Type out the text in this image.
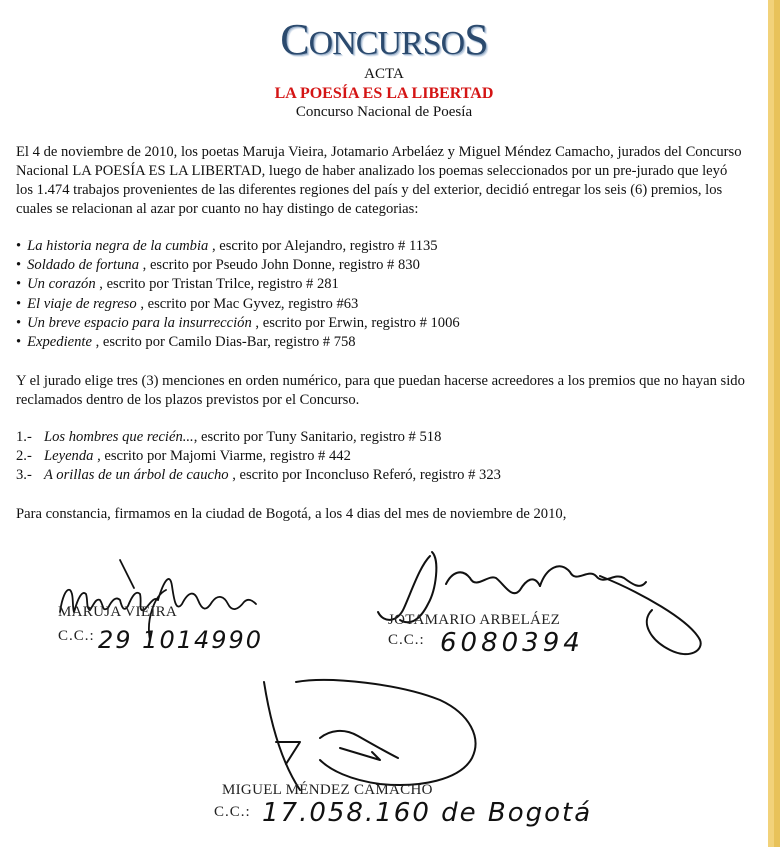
CONCURSOS
ACTA
LA POESÍA ES LA LIBERTAD
Concurso Nacional de Poesía
El 4 de noviembre de 2010, los poetas Maruja Vieira, Jotamario Arbeláez y Miguel Méndez Camacho, jurados del Concurso Nacional LA POESÍA ES LA LIBERTAD, luego de haber analizado los poemas seleccionados por un pre-jurado que leyó los 1.474 trabajos provenientes de las diferentes regiones del país y del exterior, decidió entregar los seis (6) premios, los cuales se relacionan al azar por cuanto no hay distingo de categorias:
• La historia negra de la cumbia , escrito por Alejandro, registro # 1135
• Soldado de fortuna , escrito por Pseudo John Donne, registro # 830
• Un corazón , escrito por Tristan Trilce, registro # 281
• El viaje de regreso , escrito por Mac Gyvez, registro #63
• Un breve espacio para la insurrección , escrito por Erwin, registro # 1006
• Expediente , escrito por Camilo Dias-Bar, registro # 758
Y el jurado elige tres (3) menciones en orden numérico, para que puedan hacerse acreedores a los premios que no hayan sido reclamados dentro de los plazos previstos por el Concurso.
1.- Los hombres que recién..., escrito por Tuny Sanitario, registro # 518
2.- Leyenda , escrito por Majomi Viarme, registro # 442
3.- A orillas de un árbol de caucho , escrito por Inconcluso Referó, registro # 323
Para constancia, firmamos en la ciudad de Bogotá, a los 4 dias del mes de noviembre de 2010,
MARUJA VIEIRA
C.C.: 29 1014990
JOTAMARIO ARBELÁEZ
C.C.: 6080394
MIGUEL MÉNDEZ CAMACHO
C.C.: 17.058.160 de Bogotá
